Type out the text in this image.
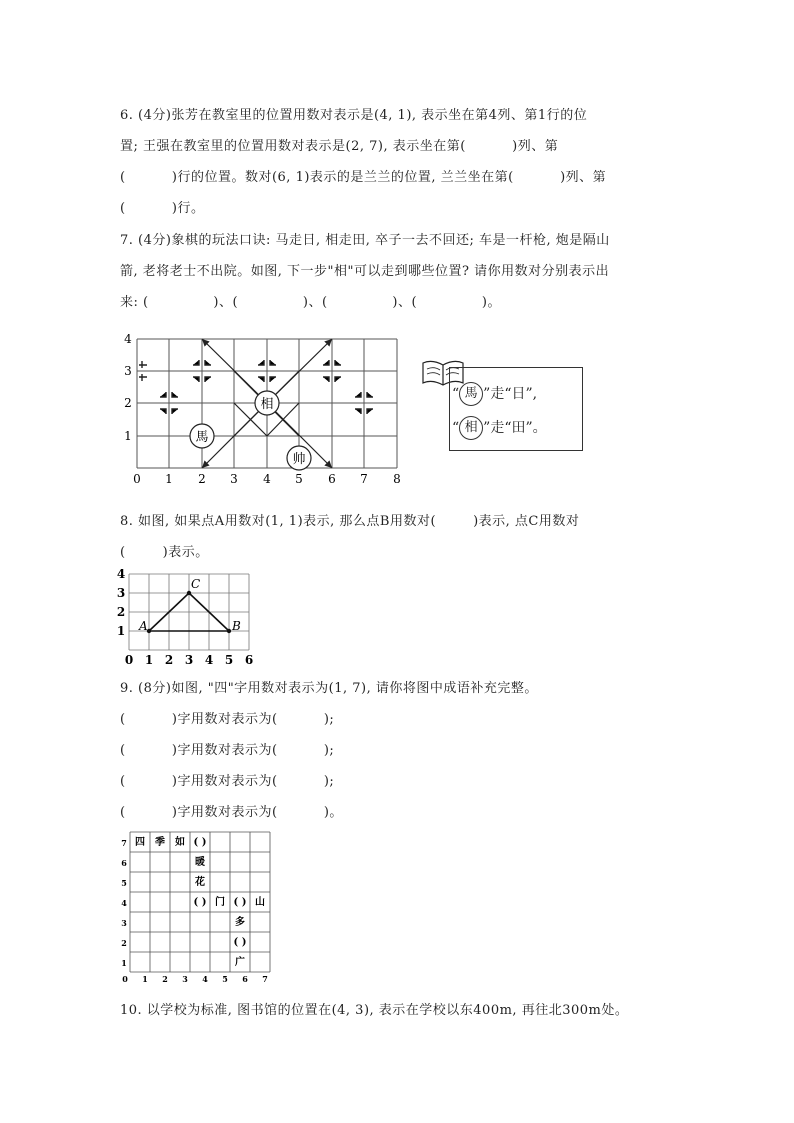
6. (4分)张芳在教室里的位置用数对表示是(4, 1), 表示坐在第4列、第1行的位
置; 王强在教室里的位置用数对表示是(2, 7), 表示坐在第(          )列、第
(          )行的位置。数对(6, 1)表示的是兰兰的位置, 兰兰坐在第(          )列、第
(          )行。
7. (4分)象棋的玩法口诀: 马走日, 相走田, 卒子一去不回还; 车是一杆枪, 炮是隔山
箭, 老将老士不出院。如图, 下一步"相"可以走到哪些位置? 请你用数对分别表示出
来: (              )、(              )、(              )、(              )。
相
馬
帅
0 1 2 3 4 5 6 7 8
1
2
3
4
“ 馬 ”走“日”,
“ 相 ”走“田”。
8. 如图, 如果点A用数对(1, 1)表示, 那么点B用数对(        )表示, 点C用数对
(        )表示。
A	B
C
0 1 2 3 4 5 6
1
2
3
4
9. (8分)如图, "四"字用数对表示为(1, 7), 请你将图中成语补充完整。
(          )字用数对表示为(          );
(          )字用数对表示为(          );
(          )字用数对表示为(          );
(          )字用数对表示为(          )。
四 季 如 ( )
暖
花
( ) 门 ( ) 山
多
( )
广
0 1 2 3 4 5 6 7
1
2
3
4
5
6
7
10. 以学校为标准, 图书馆的位置在(4, 3), 表示在学校以东400m, 再往北300m处。
